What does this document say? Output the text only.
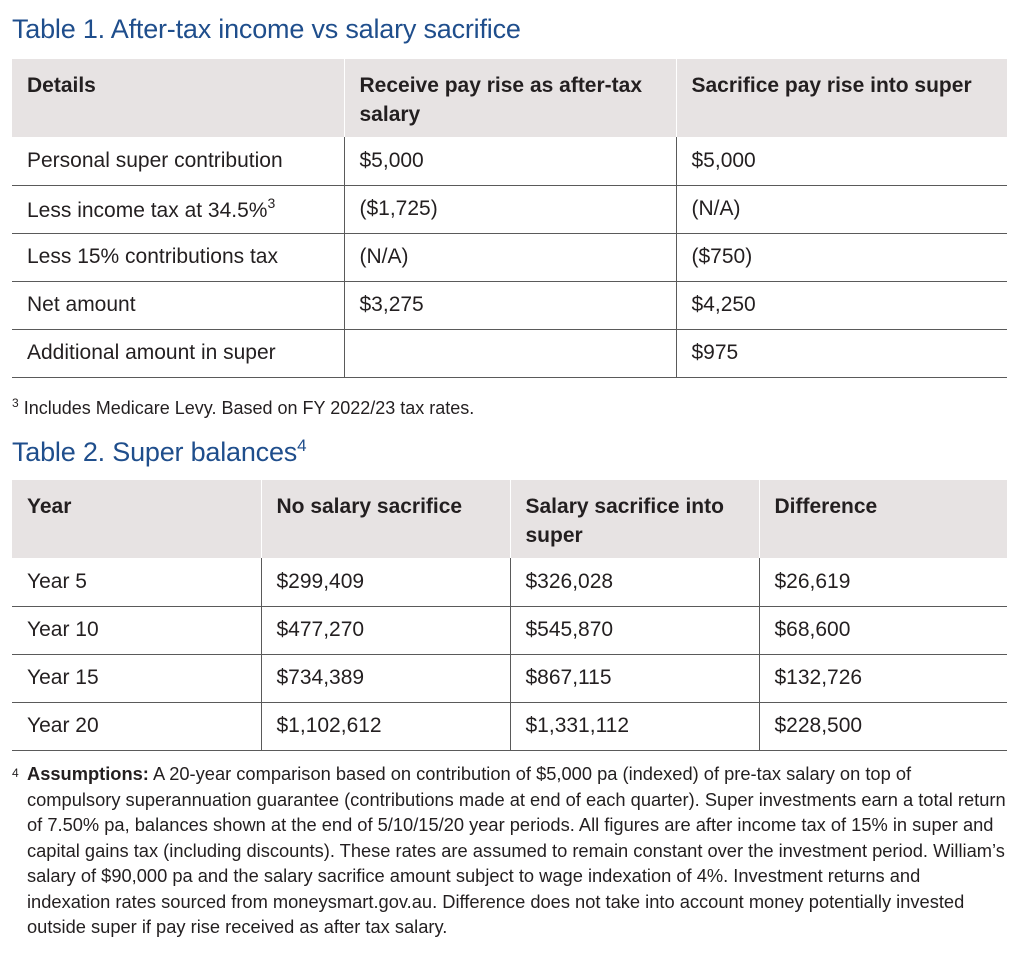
Table 1. After-tax income vs salary sacrifice
Details	Receive pay rise as after-tax salary	Sacrifice pay rise into super
Personal super contribution	$5,000	$5,000
Less income tax at 34.5%$^3$	($1,725)	(N/A)
Less 15% contributions tax	(N/A)	($750)
Net amount	$3,275	$4,250
Additional amount in super		$975
$^3$ Includes Medicare Levy. Based on FY 2022/23 tax rates.
Table 2. Super balances$^4$
Year	No salary sacrifice	Salary sacrifice into super	Difference
Year 5	$299,409	$326,028	$26,619
Year 10	$477,270	$545,870	$68,600
Year 15	$734,389	$867,115	$132,726
Year 20	$1,102,612	$1,331,112	$228,500
4 Assumptions: A 20-year comparison based on contribution of $5,000 pa (indexed) of pre-tax salary on top of compulsory superannuation guarantee (contributions made at end of each quarter). Super investments earn a total return of 7.50% pa, balances shown at the end of 5/10/15/20 year periods. All figures are after income tax of 15% in super and capital gains tax (including discounts). These rates are assumed to remain constant over the investment period. William’s salary of $90,000 pa and the salary sacrifice amount subject to wage indexation of 4%. Investment returns and indexation rates sourced from moneysmart.gov.au. Difference does not take into account money potentially invested outside super if pay rise received as after tax salary.
